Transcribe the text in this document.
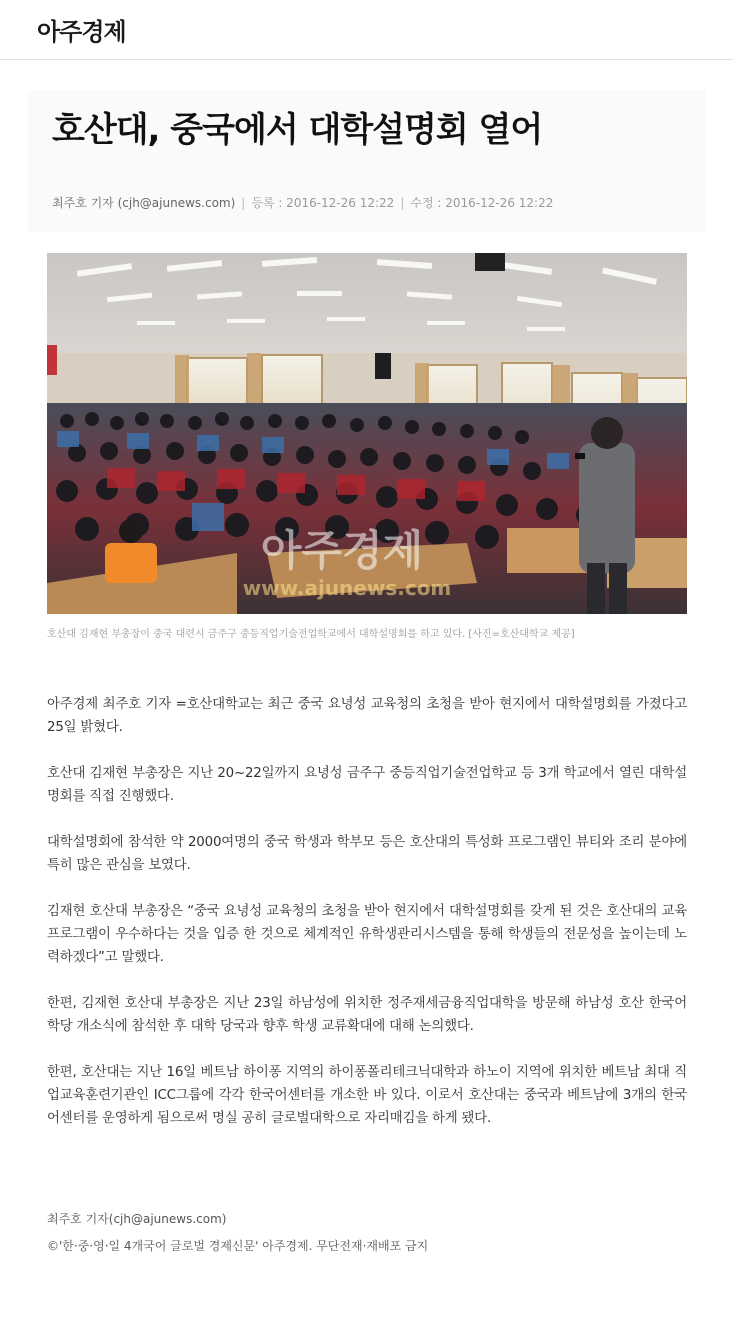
아주경제
호산대, 중국에서 대학설명회 열어
최주호 기자 (cjh@ajunews.com) | 등록 : 2016-12-26 12:22 | 수정 : 2016-12-26 12:22
아주경제
www.ajunews.com
호산대 김재현 부총장이 중국 대련시 금주구 중등직업기술전업학교에서 대학설명회를 하고 있다. [사진=호산대학교 제공]

아주경제 최주호 기자 =호산대학교는 최근 중국 요녕성 교육청의 초청을 받아 현지에서 대학설명회를 가졌다고 25일 밝혔다.

호산대 김재현 부총장은 지난 20~22일까지 요녕성 금주구 중등직업기술전업학교 등 3개 학교에서 열린 대학설명회를 직접 진행했다.

대학설명회에 참석한 약 2000여명의 중국 학생과 학부모 등은 호산대의 특성화 프로그램인 뷰티와 조리 분야에 특히 많은 관심을 보였다.

김재현 호산대 부총장은 “중국 요녕성 교육청의 초청을 받아 현지에서 대학설명회를 갖게 된 것은 호산대의 교육 프로그램이 우수하다는 것을 입증 한 것으로 체계적인 유학생관리시스템을 통해 학생들의 전문성을 높이는데 노력하겠다”고 말했다.

한편, 김재현 호산대 부총장은 지난 23일 하남성에 위치한 정주재세금융직업대학을 방문해 하남성 호산 한국어학당 개소식에 참석한 후 대학 당국과 향후 학생 교류확대에 대해 논의했다.

한편, 호산대는 지난 16일 베트남 하이퐁 지역의 하이퐁폴리테크닉대학과 하노이 지역에 위치한 베트남 최대 직업교육훈련기관인 ICC그룹에 각각 한국어센터를 개소한 바 있다. 이로서 호산대는 중국과 베트남에 3개의 한국어센터를 운영하게 됨으로써 명실 공히 글로벌대학으로 자리매김을 하게 됐다.

최주호 기자(cjh@ajunews.com)
©'한·중·영·일 4개국어 글로벌 경제신문' 아주경제. 무단전재·재배포 금지
